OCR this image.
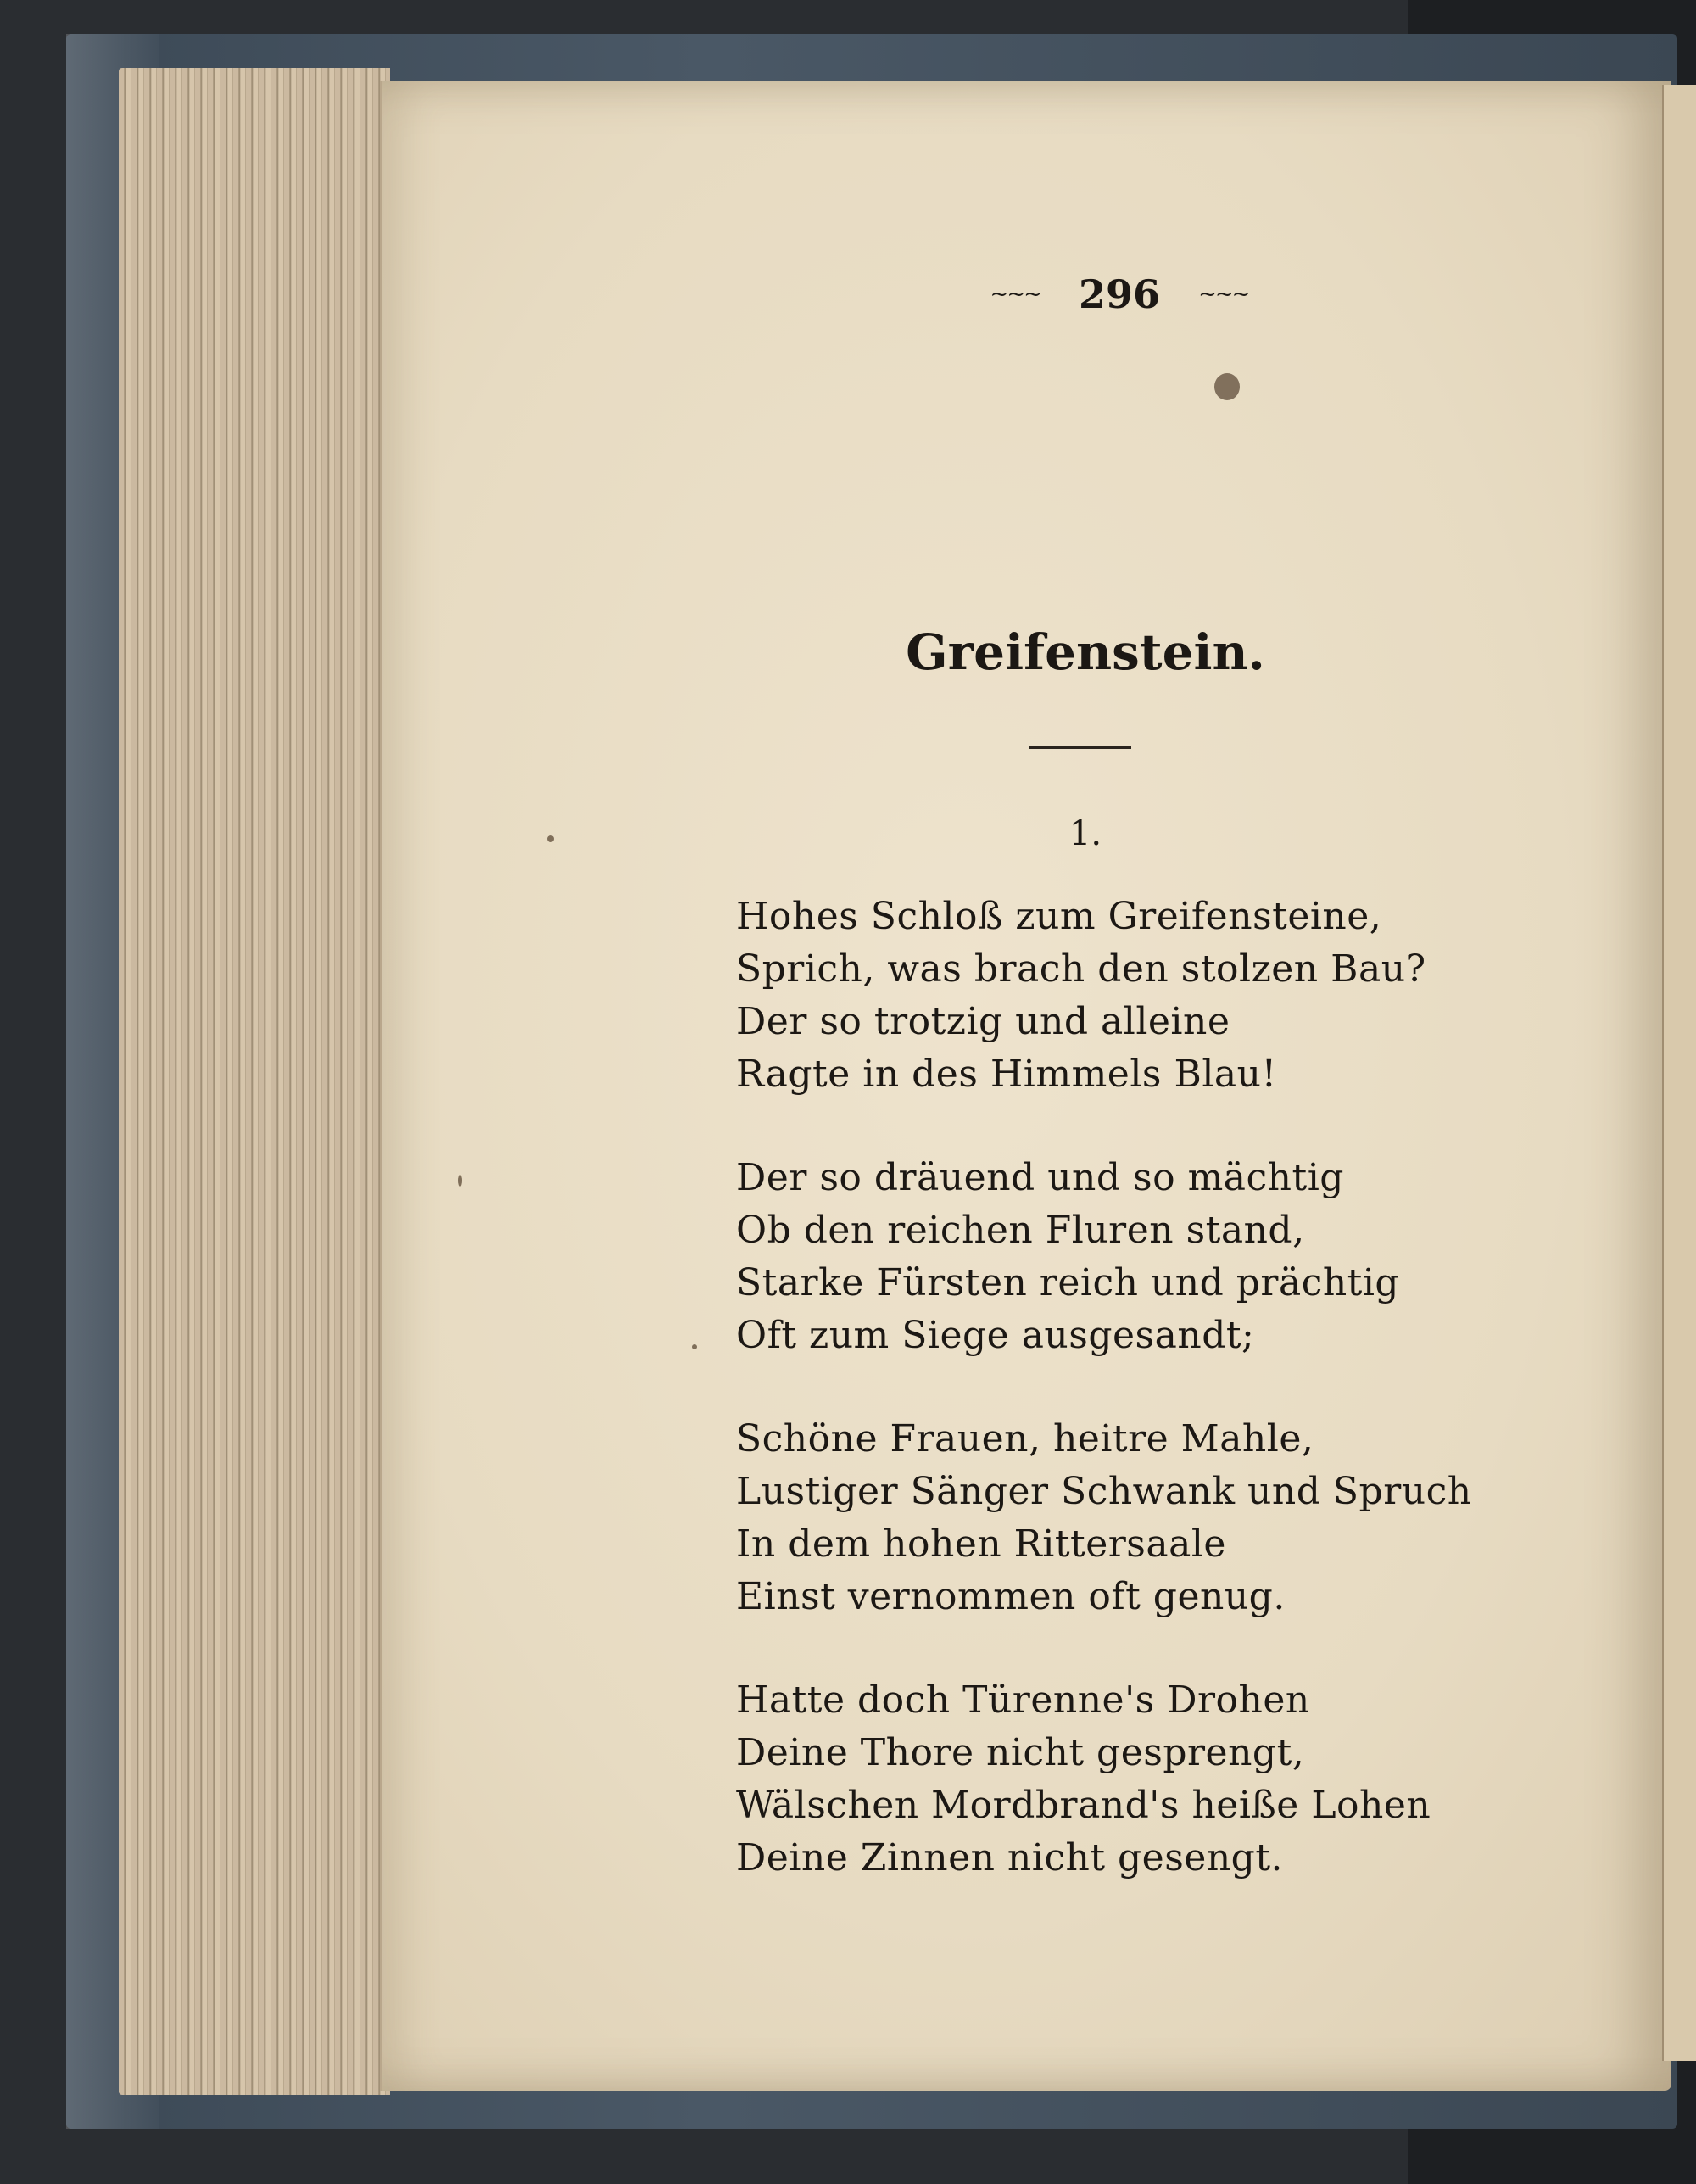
~~~ 296 ~~~
Greifenstein.
1.
Hohes Schloß zum Greifensteine,
Sprich, was brach den stolzen Bau?
Der so trotzig und alleine
Ragte in des Himmels Blau!
Der so dräuend und so mächtig
Ob den reichen Fluren stand,
Starke Fürsten reich und prächtig
Oft zum Siege ausgesandt;
Schöne Frauen, heitre Mahle,
Lustiger Sänger Schwank und Spruch
In dem hohen Rittersaale
Einst vernommen oft genug.
Hatte doch Türenne's Drohen
Deine Thore nicht gesprengt,
Wälschen Mordbrand's heiße Lohen
Deine Zinnen nicht gesengt.
